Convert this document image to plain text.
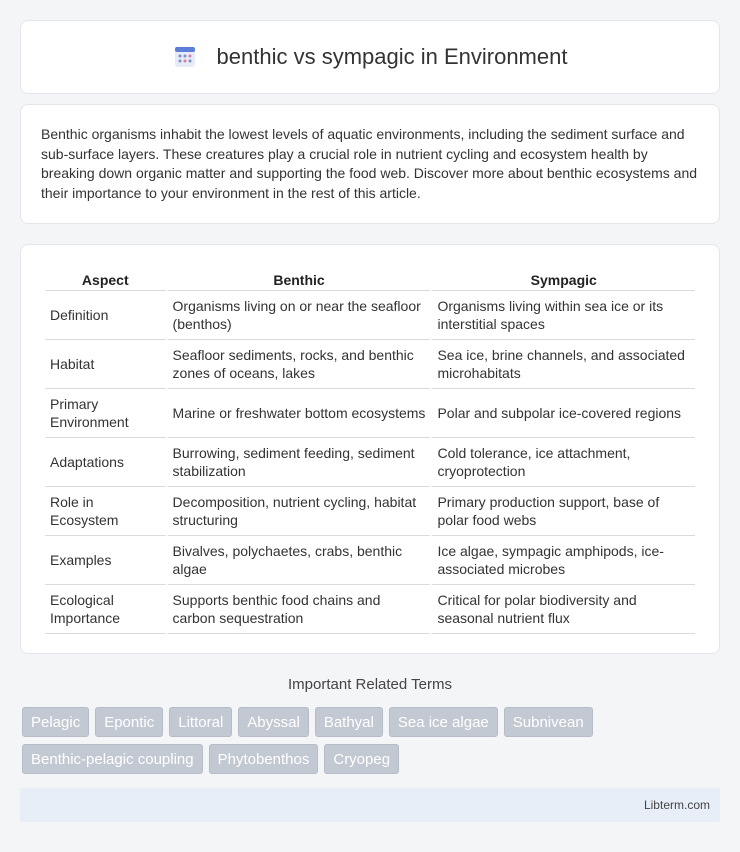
benthic vs sympagic in Environment

Benthic organisms inhabit the lowest levels of aquatic environments, including the sediment surface and sub-surface layers. These creatures play a crucial role in nutrient cycling and ecosystem health by breaking down organic matter and supporting the food web. Discover more about benthic ecosystems and their importance to your environment in the rest of this article.

Aspect	Benthic	Sympagic
Definition	Organisms living on or near the seafloor (benthos)	Organisms living within sea ice or its interstitial spaces
Habitat	Seafloor sediments, rocks, and benthic zones of oceans, lakes	Sea ice, brine channels, and associated microhabitats
Primary Environment	Marine or freshwater bottom ecosystems	Polar and subpolar ice-covered regions
Adaptations	Burrowing, sediment feeding, sediment stabilization	Cold tolerance, ice attachment, cryoprotection
Role in Ecosystem	Decomposition, nutrient cycling, habitat structuring	Primary production support, base of polar food webs
Examples	Bivalves, polychaetes, crabs, benthic algae	Ice algae, sympagic amphipods, ice-associated microbes
Ecological Importance	Supports benthic food chains and carbon sequestration	Critical for polar biodiversity and seasonal nutrient flux
Important Related Terms
Pelagic	Epontic	Littoral	Abyssal	Bathyal	Sea ice algae	Subnivean
Benthic-pelagic coupling	Phytobenthos	Cryopeg
Libterm.com
